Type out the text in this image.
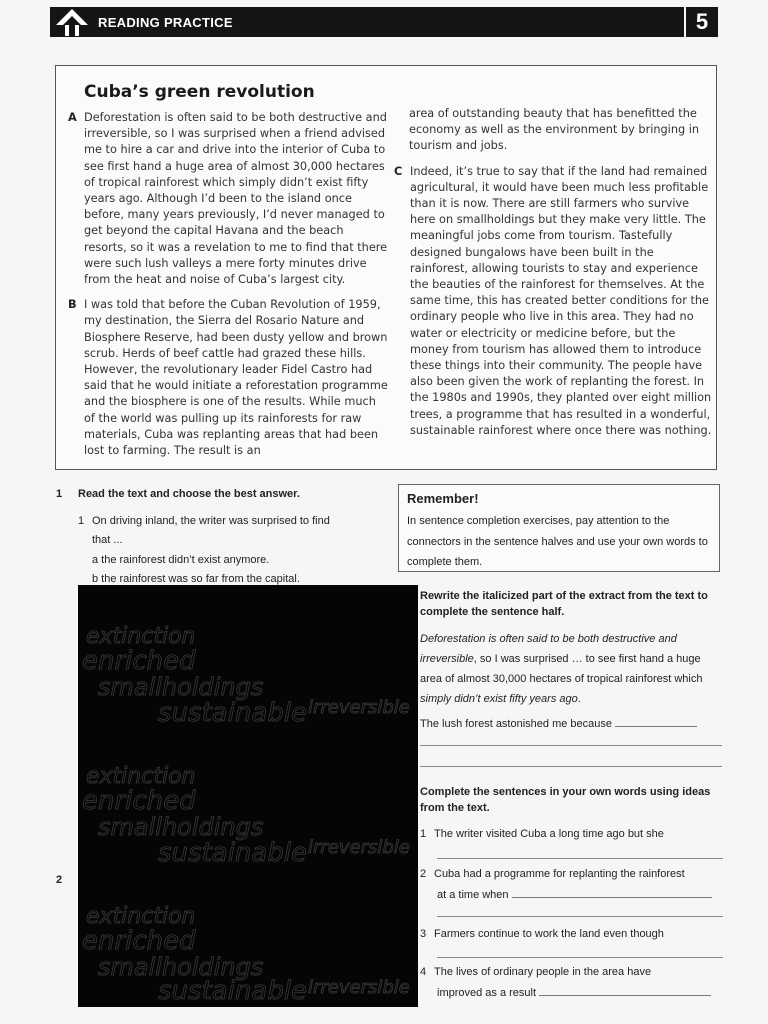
READING PRACTICE	5
Cuba’s green revolution

A Deforestation is often said to be both destructive and irreversible, so I was surprised when a friend advised me to hire a car and drive into the interior of Cuba to see first hand a huge area of almost 30,000 hectares of tropical rainforest which simply didn’t exist fifty years ago. Although I’d been to the island once before, many years previously, I’d never managed to get beyond the capital Havana and the beach resorts, so it was a revelation to me to find that there were such lush valleys a mere forty minutes drive from the heat and noise of Cuba’s largest city.

B I was told that before the Cuban Revolution of 1959, my destination, the Sierra del Rosario Nature and Biosphere Reserve, had been dusty yellow and brown scrub. Herds of beef cattle had grazed these hills. However, the revolutionary leader Fidel Castro had said that he would initiate a reforestation programme and the biosphere is one of the results. While much of the world was pulling up its rainforests for raw materials, Cuba was replanting areas that had been lost to farming. The result is an

area of outstanding beauty that has benefitted the economy as well as the environment by bringing in tourism and jobs.

C Indeed, it’s true to say that if the land had remained agricultural, it would have been much less profitable than it is now. There are still farmers who survive here on smallholdings but they make very little. The meaningful jobs come from tourism. Tastefully designed bungalows have been built in the rainforest, allowing tourists to stay and experience the beauties of the rainforest for themselves. At the same time, this has created better conditions for the ordinary people who live in this area. They had no water or electricity or medicine before, but the money from tourism has allowed them to introduce these things into their community. The people have also been given the work of replanting the forest. In the 1980s and 1990s, they planted over eight million trees, a programme that has resulted in a wonderful, sustainable rainforest where once there was nothing.

1 Read the text and choose the best answer.
1 On driving inland, the writer was surprised to find
that ...
a the rainforest didn’t exist anymore.
b the rainforest was so far from the capital.
2
Remember!
In sentence completion exercises, pay attention to the connectors in the sentence halves and use your own words to complete them.
extinction
enriched
smallholdings
sustainable irreversible
extinction
enriched
smallholdings
sustainable irreversible
extinction
enriched
smallholdings
sustainable irreversible
Rewrite the italicized part of the extract from the text to complete the sentence half.
Deforestation is often said to be both destructive and irreversible, so I was surprised … to see first hand a huge area of almost 30,000 hectares of tropical rainforest which simply didn’t exist fifty years ago.
The lush forest astonished me because
Complete the sentences in your own words using ideas from the text.
1 The writer visited Cuba a long time ago but she
2 Cuba had a programme for replanting the rainforest
at a time when
3 Farmers continue to work the land even though
4 The lives of ordinary people in the area have
improved as a result
